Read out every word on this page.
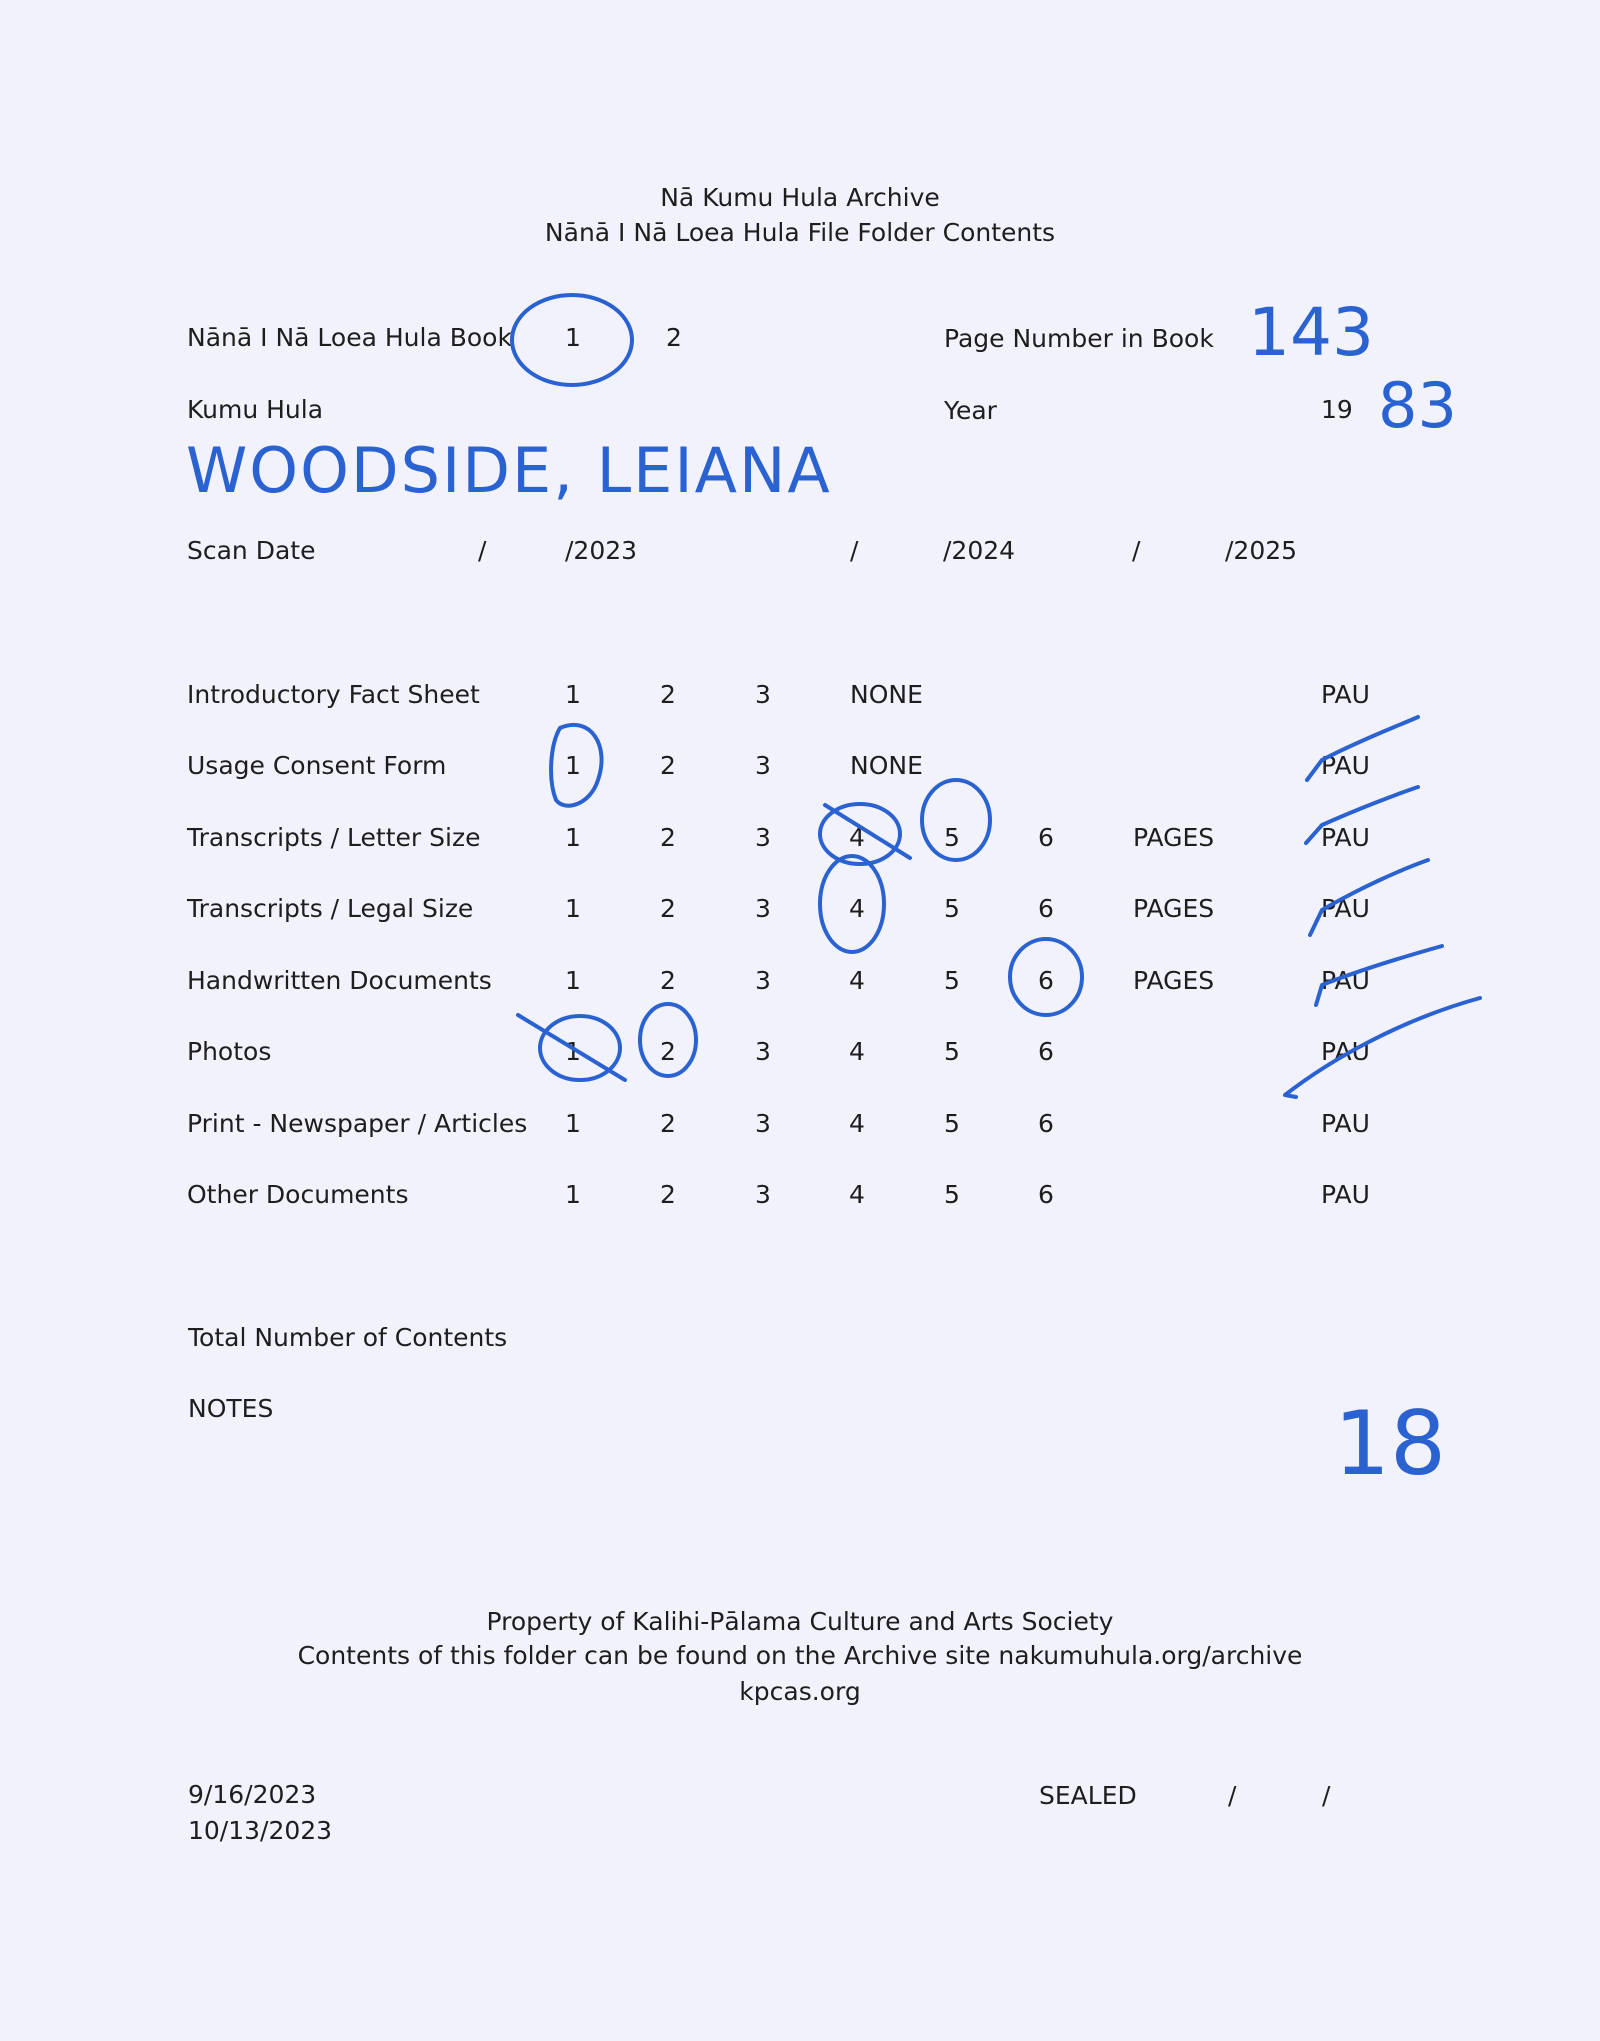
Nā Kumu Hula Archive
Nānā I Nā Loea Hula File Folder Contents
Nānā I Nā Loea Hula Book 1	2	Page Number in Book 143
Kumu Hula	Year	19 83
WOODSIDE, LEIANA
Scan Date	/	/2023	/	/2024	/	/2025
Introductory Fact Sheet	1	2	3	NONE	PAU
Usage Consent Form	1	2	3	NONE	PAU
Transcripts / Letter Size	1	2	3	4	5	6	PAGES	PAU
Transcripts / Legal Size	1	2	3	4	5	6	PAGES	PAU
Handwritten Documents	1	2	3	4	5	6	PAGES	PAU
Photos	1	2	3	4	5	6	PAU
Print - Newspaper / Articles 1	2	3	4	5	6	PAU
Other Documents	1	2	3	4	5	6	PAU
Total Number of Contents
NOTES	18
Property of Kalihi-Pālama Culture and Arts Society
Contents of this folder can be found on the Archive site nakumuhula.org/archive
kpcas.org
9/16/2023
10/13/2023
SEALED	/	/
